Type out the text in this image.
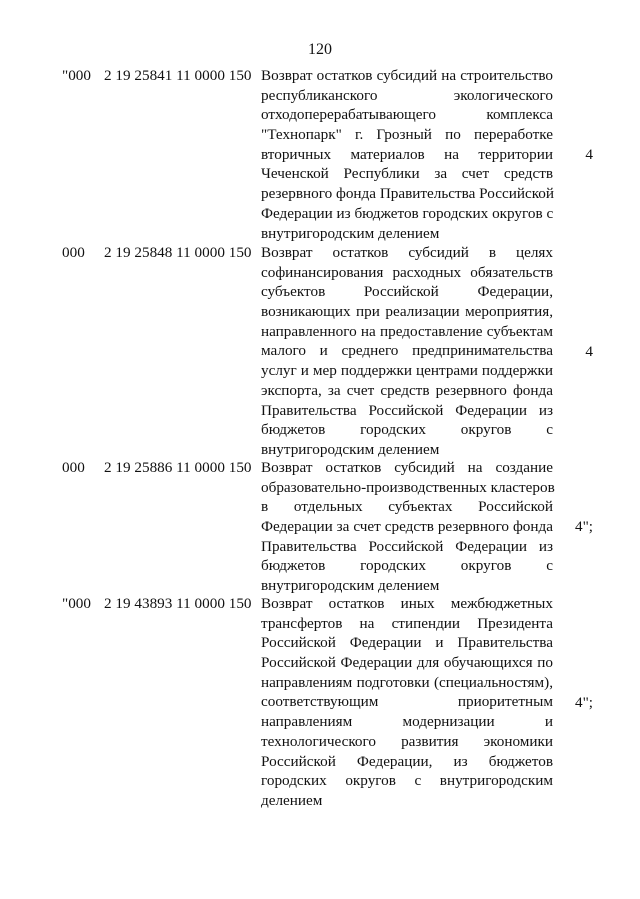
120
"000 2 19 25841 11 0000 150 Возврат остатков субсидий на строительство
республиканского экологического
отходоперерабатывающего комплекса
"Технопарк" г. Грозный по переработке
вторичных материалов на территории
Чеченской Республики за счет средств
резервного фонда Правительства Российской
Федерации из бюджетов городских округов с
внутригородским делением
4
000 2 19 25848 11 0000 150 Возврат остатков субсидий в целях
софинансирования расходных обязательств
субъектов Российской Федерации,
возникающих при реализации мероприятия,
направленного на предоставление субъектам
малого и среднего предпринимательства
услуг и мер поддержки центрами поддержки
экспорта, за счет средств резервного фонда
Правительства Российской Федерации из
бюджетов городских округов с
внутригородским делением
4
000 2 19 25886 11 0000 150 Возврат остатков субсидий на создание
образовательно-производственных кластеров
в отдельных субъектах Российской
Федерации за счет средств резервного фонда
Правительства Российской Федерации из
бюджетов городских округов с
внутригородским делением
4";
"000 2 19 43893 11 0000 150 Возврат остатков иных межбюджетных
трансфертов на стипендии Президента
Российской Федерации и Правительства
Российской Федерации для обучающихся по
направлениям подготовки (специальностям),
соответствующим приоритетным
направлениям модернизации и
технологического развития экономики
Российской Федерации, из бюджетов
городских округов с внутригородским
делением
4";
